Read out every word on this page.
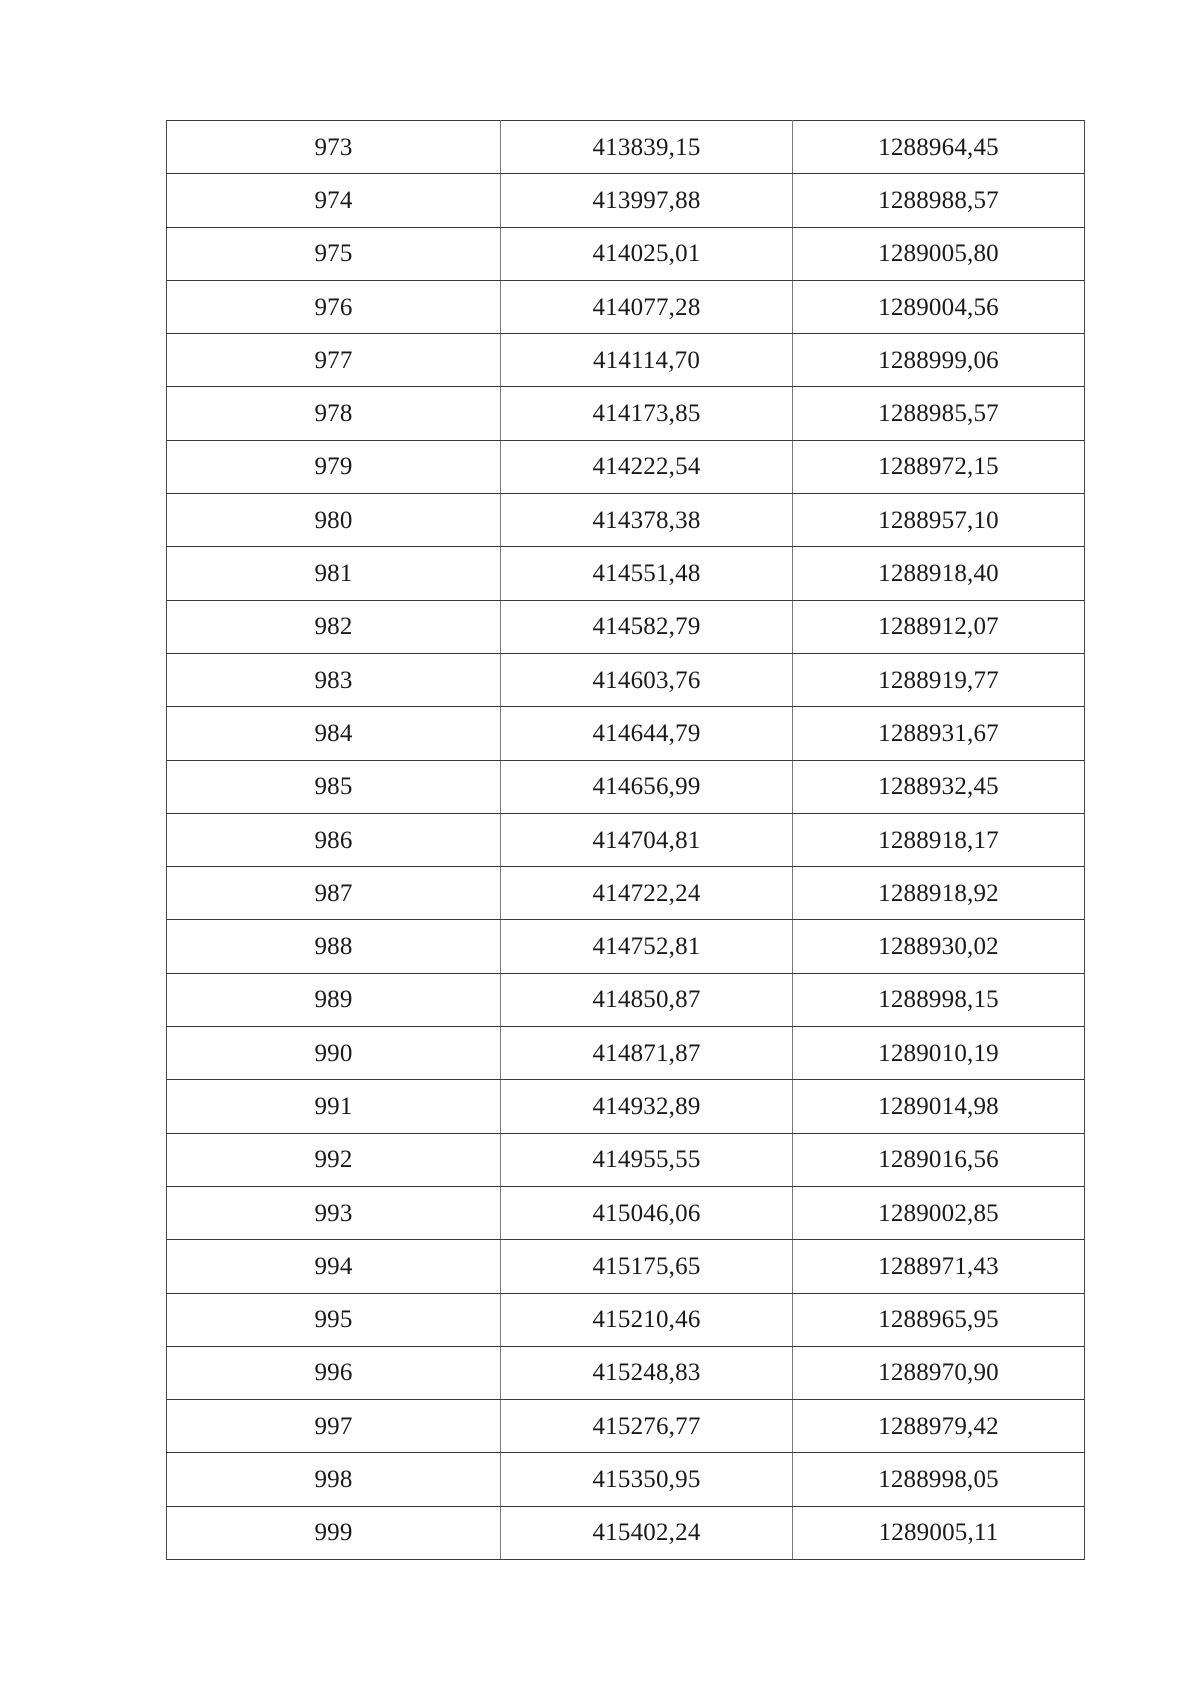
973	413839,15	1288964,45
974	413997,88	1288988,57
975	414025,01	1289005,80
976	414077,28	1289004,56
977	414114,70	1288999,06
978	414173,85	1288985,57
979	414222,54	1288972,15
980	414378,38	1288957,10
981	414551,48	1288918,40
982	414582,79	1288912,07
983	414603,76	1288919,77
984	414644,79	1288931,67
985	414656,99	1288932,45
986	414704,81	1288918,17
987	414722,24	1288918,92
988	414752,81	1288930,02
989	414850,87	1288998,15
990	414871,87	1289010,19
991	414932,89	1289014,98
992	414955,55	1289016,56
993	415046,06	1289002,85
994	415175,65	1288971,43
995	415210,46	1288965,95
996	415248,83	1288970,90
997	415276,77	1288979,42
998	415350,95	1288998,05
999	415402,24	1289005,11
